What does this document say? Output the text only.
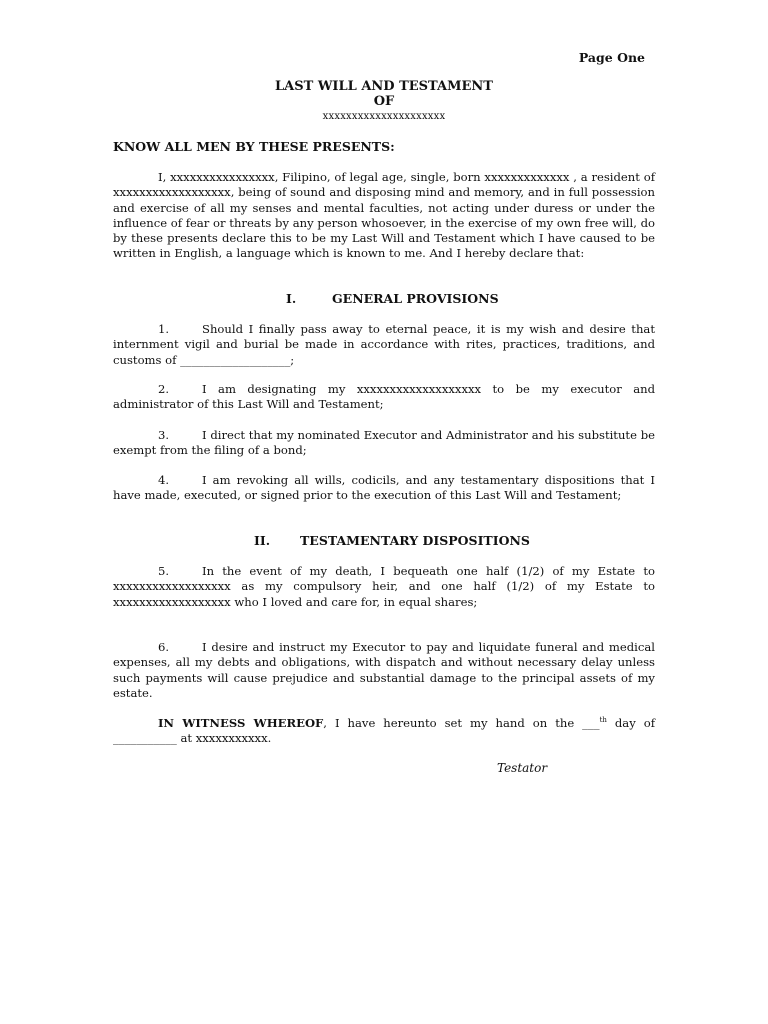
Page One
LAST WILL AND TESTAMENT
OF
xxxxxxxxxxxxxxxxxxxxx
KNOW ALL MEN BY THESE PRESENTS:
I, xxxxxxxxxxxxxxxx, Filipino, of legal age, single, born xxxxxxxxxxxxx , a resident of xxxxxxxxxxxxxxxxxx, being of sound and disposing mind and memory, and in full possession and exercise of all my senses and mental faculties, not acting under duress or under the influence of fear or threats by any person whosoever, in the exercise of my own free will, do by these presents declare this to be my Last Will and Testament which I have caused to be written in English, a language which is known to me. And I hereby declare that:
I.	GENERAL PROVISIONS
1.	Should I finally pass away to eternal peace, it is my wish and desire that internment vigil and burial be made in accordance with rites, practices, traditions, and customs of ___________________;
2.	I am designating my xxxxxxxxxxxxxxxxxxx to be my executor and administrator of this Last Will and Testament;
3.	I direct that my nominated Executor and Administrator and his substitute be exempt from the filing of a bond;
4.	I am revoking all wills, codicils, and any testamentary dispositions that I have made, executed, or signed prior to the execution of this Last Will and Testament;
II. TESTAMENTARY DISPOSITIONS
5.	In the event of my death, I bequeath one half (1/2) of my Estate to xxxxxxxxxxxxxxxxxx as my compulsory heir, and one half (1/2) of my Estate to xxxxxxxxxxxxxxxxxx who I loved and care for, in equal shares;
6.	I desire and instruct my Executor to pay and liquidate funeral and medical expenses, all my debts and obligations, with dispatch and without necessary delay unless such payments will cause prejudice and substantial damage to the principal assets of my estate.
IN WITNESS WHEREOF, I have hereunto set my hand on the ___$^{th}$ day of ___________ at xxxxxxxxxxx.
Testator
